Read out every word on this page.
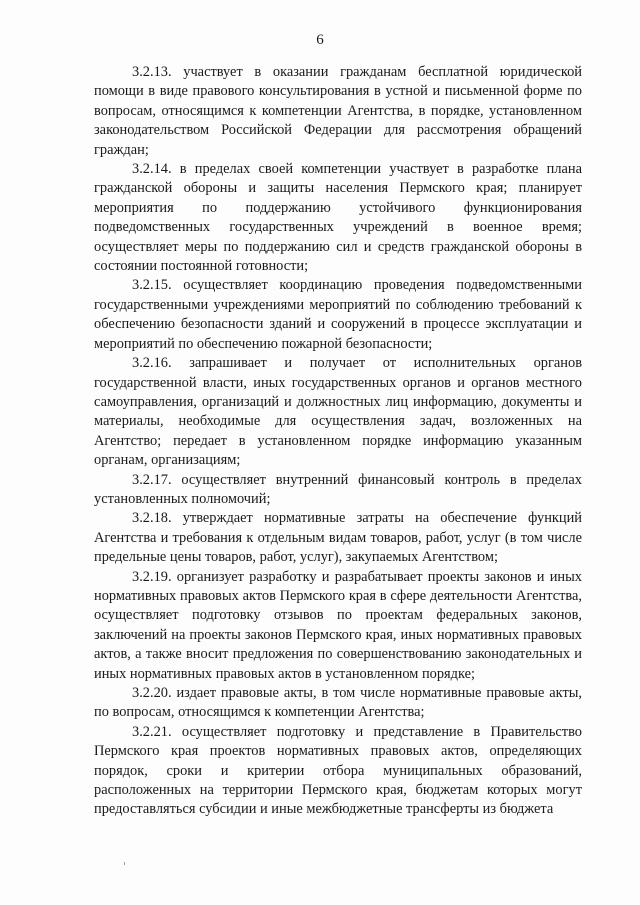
6

3.2.13. участвует в оказании гражданам бесплатной юридической помощи в виде правового консультирования в устной и письменной форме по вопросам, относящимся к компетенции Агентства, в порядке, установленном законодательством Российской Федерации для рассмотрения обращений граждан;

3.2.14. в пределах своей компетенции участвует в разработке плана гражданской обороны и защиты населения Пермского края; планирует мероприятия по поддержанию устойчивого функционирования подведомственных государственных учреждений в военное время; осуществляет меры по поддержанию сил и средств гражданской обороны в состоянии постоянной готовности;

3.2.15. осуществляет координацию проведения подведомственными государственными учреждениями мероприятий по соблюдению требований к обеспечению безопасности зданий и сооружений в процессе эксплуатации и мероприятий по обеспечению пожарной безопасности;

3.2.16. запрашивает и получает от исполнительных органов государственной власти, иных государственных органов и органов местного самоуправления, организаций и должностных лиц информацию, документы и материалы, необходимые для осуществления задач, возложенных на Агентство; передает в установленном порядке информацию указанным органам, организациям;

3.2.17. осуществляет внутренний финансовый контроль в пределах установленных полномочий;

3.2.18. утверждает нормативные затраты на обеспечение функций Агентства и требования к отдельным видам товаров, работ, услуг (в том числе предельные цены товаров, работ, услуг), закупаемых Агентством;

3.2.19. организует разработку и разрабатывает проекты законов и иных нормативных правовых актов Пермского края в сфере деятельности Агентства, осуществляет подготовку отзывов по проектам федеральных законов, заключений на проекты законов Пермского края, иных нормативных правовых актов, а также вносит предложения по совершенствованию законодательных и иных нормативных правовых актов в установленном порядке;

3.2.20. издает правовые акты, в том числе нормативные правовые акты, по вопросам, относящимся к компетенции Агентства;

3.2.21. осуществляет подготовку и представление в Правительство Пермского края проектов нормативных правовых актов, определяющих порядок, сроки и критерии отбора муниципальных образований, расположенных на территории Пермского края, бюджетам которых могут предоставляться субсидии и иные межбюджетные трансферты из бюджета
